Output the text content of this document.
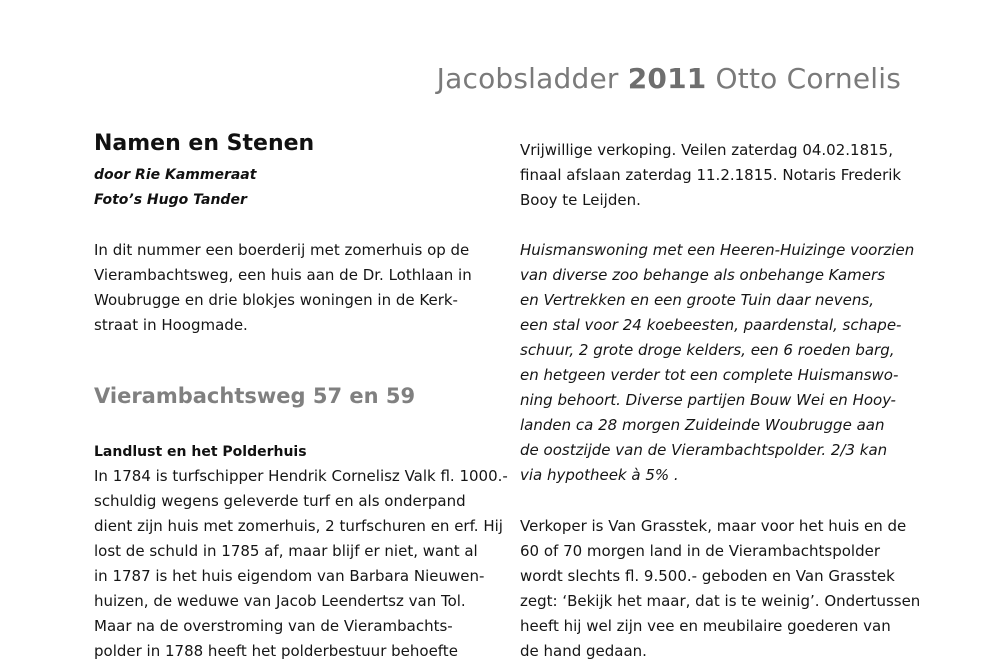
Jacobsladder 2011 Otto Cornelis
Namen en Stenen
door Rie Kammeraat
Foto’s Hugo Tander
In dit nummer een boerderij met zomerhuis op de
Vierambachtsweg, een huis aan de Dr. Lothlaan in
Woubrugge en drie blokjes woningen in de Kerk-
straat in Hoogmade.
Vierambachtsweg 57 en 59
Landlust en het Polderhuis
In 1784 is turfschipper Hendrik Cornelisz Valk fl. 1000.-
schuldig wegens geleverde turf en als onderpand
dient zijn huis met zomerhuis, 2 turfschuren en erf. Hij
lost de schuld in 1785 af, maar blijf er niet, want al
in 1787 is het huis eigendom van Barbara Nieuwen-
huizen, de weduwe van Jacob Leendertsz van Tol.
Maar na de overstroming van de Vierambachts-
polder in 1788 heeft het polderbestuur behoefte
Vrijwillige verkoping. Veilen zaterdag 04.02.1815,
finaal afslaan zaterdag 11.2.1815. Notaris Frederik
Booy te Leijden.
Huismanswoning met een Heeren-Huizinge voorzien
van diverse zoo behange als onbehange Kamers
en Vertrekken en een groote Tuin daar nevens,
een stal voor 24 koebeesten, paardenstal, schape-
schuur, 2 grote droge kelders, een 6 roeden barg,
en hetgeen verder tot een complete Huismanswo-
ning behoort. Diverse partijen Bouw Wei en Hooy-
landen ca 28 morgen Zuideinde Woubrugge aan
de oostzijde van de Vierambachtspolder. 2/3 kan
via hypotheek à 5% .
Verkoper is Van Grasstek, maar voor het huis en de
60 of 70 morgen land in de Vierambachtspolder
wordt slechts fl. 9.500.- geboden en Van Grasstek
zegt: ‘Bekijk het maar, dat is te weinig’. Ondertussen
heeft hij wel zijn vee en meubilaire goederen van
de hand gedaan.
